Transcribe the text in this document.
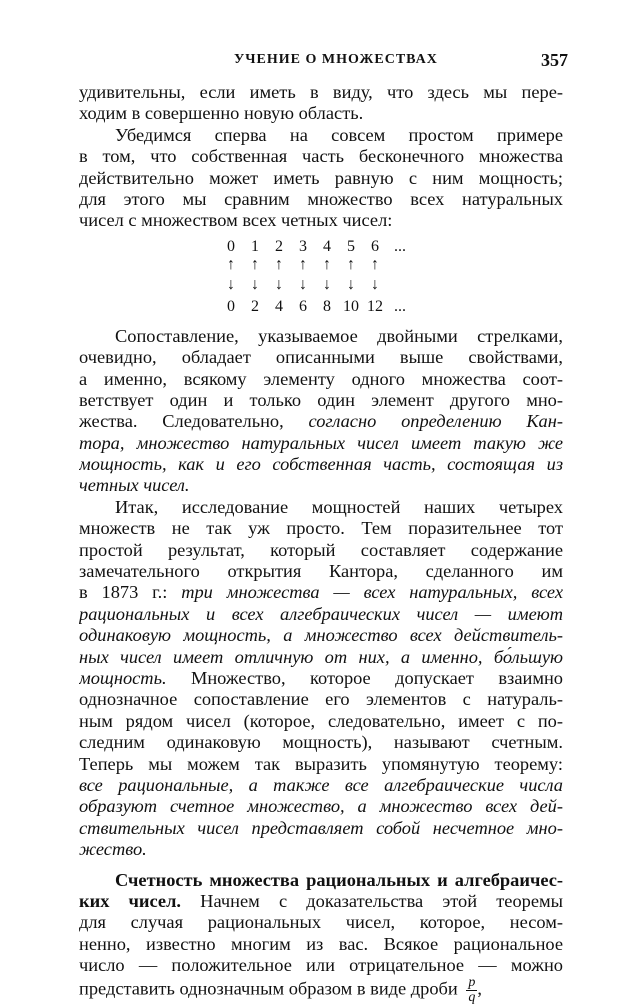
УЧЕНИЕ О МНОЖЕСТВАХ	357
удивительны, если иметь в виду, что здесь мы пере-
ходим в совершенно новую область.
Убедимся сперва на совсем простом примере
в том, что собственная часть бесконечного множества
действительно может иметь равную с ним мощность;
для этого мы сравним множество всех натуральных
чисел с множеством всех четных чисел:
0	1	2	3	4	5	6 ...
↑	↑	↑	↑	↑	↑	↑
↓	↓	↓	↓	↓	↓	↓
0	2	4	6	8 10 12 ...
Сопоставление, указываемое двойными стрелками,
очевидно, обладает описанными выше свойствами,
а именно, всякому элементу одного множества соот-
ветствует один и только один элемент другого мно-
жества. Следовательно, согласно определению Кан-
тора, множество натуральных чисел имеет такую же
мощность, как и его собственная часть, состоящая из
четных чисел.
Итак, исследование мощностей наших четырех
множеств не так уж просто. Тем поразительнее тот
простой результат, который составляет содержание
замечательного открытия Кантора, сделанного им
в 1873 г.: три множества — всех натуральных, всех
рациональных и всех алгебраических чисел — имеют
одинаковую мощность, а множество всех действитель-
ных чисел имеет отличную от них, а именно, бо́льшую
мощность. Множество, которое допускает взаимно
однозначное сопоставление его элементов с натураль-
ным рядом чисел (которое, следовательно, имеет с по-
следним одинаковую мощность), называют счетным.
Теперь мы можем так выразить упомянутую теорему:
все рациональные, а также все алгебраические числа
образуют счетное множество, а множество всех дей-
ствительных чисел представляет собой несчетное мно-
жество.
Счетность множества рациональных и алгебраичес-
ких чисел. Начнем с доказательства этой теоремы
для случая рациональных чисел, которое, несом-
ненно, известно многим из вас. Всякое рациональное
число — положительное или отрицательное — можно
представить однозначным образом в виде дроби $\frac{p}{q}$ ,
